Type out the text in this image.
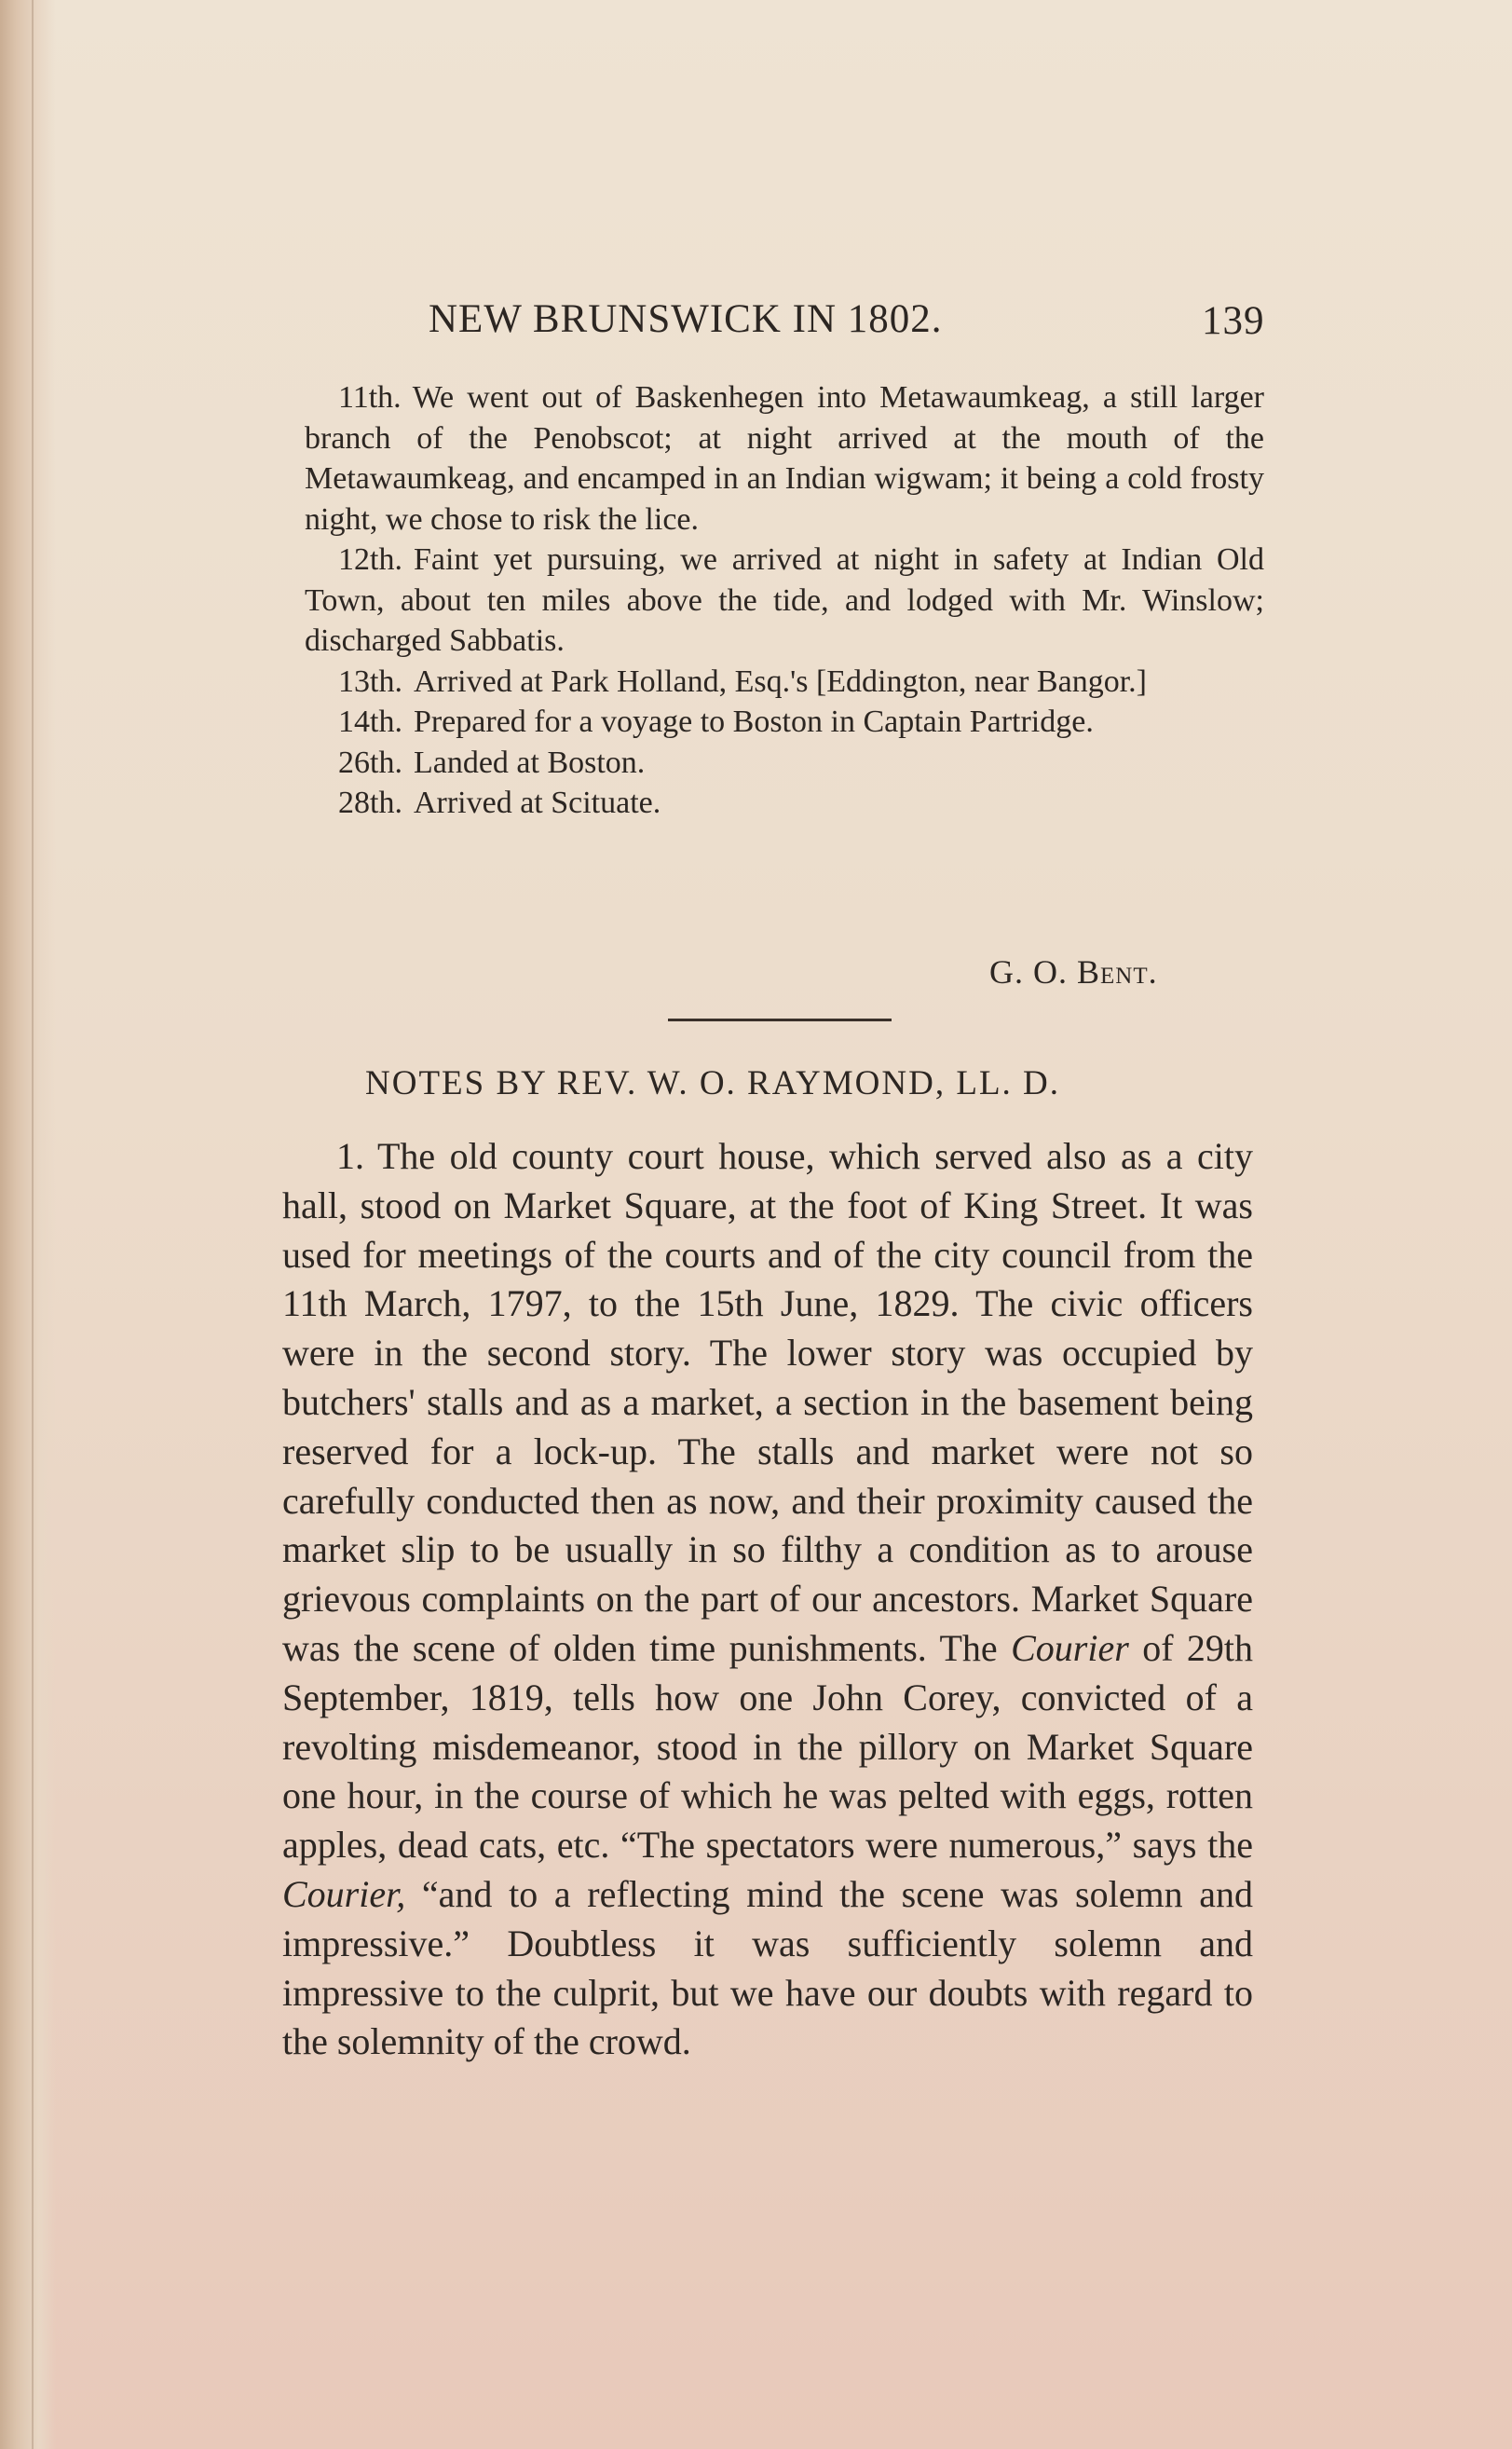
NEW BRUNSWICK IN 1802.	139

11th. We went out of Baskenhegen into Metawaumkeag, a still larger branch of the Penobscot; at night arrived at the mouth of the Metawaumkeag, and encamped in an Indian wigwam; it being a cold frosty night, we chose to risk the lice.

12th. Faint yet pursuing, we arrived at night in safety at Indian Old Town, about ten miles above the tide, and lodged with Mr. Winslow; discharged Sabbatis.

13th. Arrived at Park Holland, Esq.'s [Eddington, near Bangor.]

14th. Prepared for a voyage to Boston in Captain Partridge.

26th. Landed at Boston.

28th. Arrived at Scituate.

G. O. Bent.
NOTES BY REV. W. O. RAYMOND, LL. D.

1. The old county court house, which served also as a city hall, stood on Market Square, at the foot of King Street. It was used for meetings of the courts and of the city council from the 11th March, 1797, to the 15th June, 1829. The civic officers were in the second story. The lower story was occupied by butchers' stalls and as a market, a section in the basement being reserved for a lock-up. The stalls and market were not so carefully conducted then as now, and their proximity caused the market slip to be usually in so filthy a condition as to arouse grievous complaints on the part of our ancestors. Market Square was the scene of olden time punishments. The Courier of 29th September, 1819, tells how one John Corey, convicted of a revolting misdemeanor, stood in the pillory on Market Square one hour, in the course of which he was pelted with eggs, rotten apples, dead cats, etc. “The spectators were numerous,” says the Courier, “and to a reflecting mind the scene was solemn and impressive.” Doubtless it was sufficiently solemn and impressive to the culprit, but we have our doubts with regard to the solemnity of the crowd.
